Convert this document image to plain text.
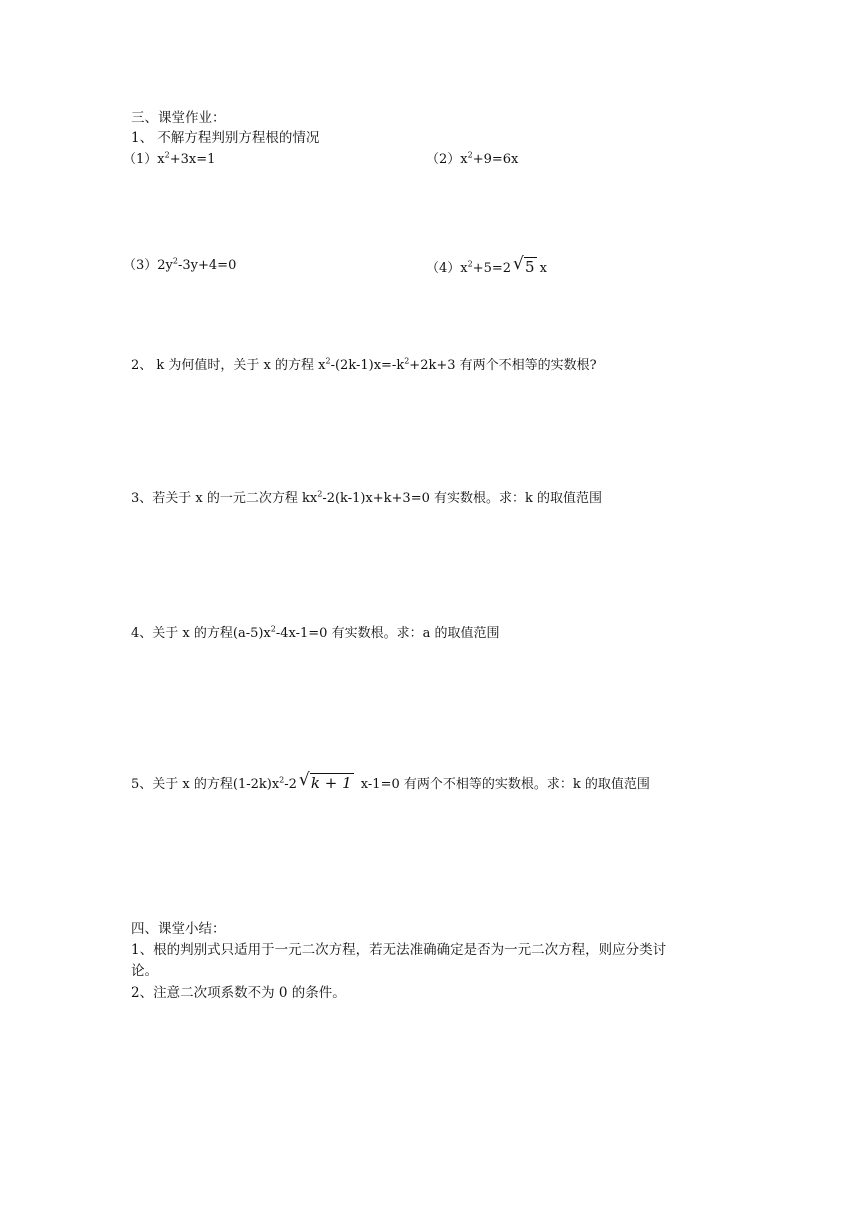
三、课堂作业：
1、 不解方程判别方程根的情况
$(1)x^2+3x=1$	$(2)x^2+9=6x$
$(3)2y^2-3y+4=0$	$(4)x^2+5=2$ √ 5 x
2、 k 为何值时，关于 x 的方程 $x^2-(2k-1)x=-k^2+2k+3$ 有两个不相等的实数根?
3、若关于 x 的一元二次方程 $kx^2-2(k-1)x+k+3=0$ 有实数根。求：k 的取值范围
4、关于 x 的方程$(a-5)x^2-4x-1=0$ 有实数根。求：a 的取值范围
5、关于 x 的方程$(1-2k)x^2-2$ √ k + 1 x-1=0 有两个不相等的实数根。求：k 的取值范围
四、课堂小结：
1、根的判别式只适用于一元二次方程，若无法准确确定是否为一元二次方程，则应分类讨
论。
2、注意二次项系数不为 0 的条件。
